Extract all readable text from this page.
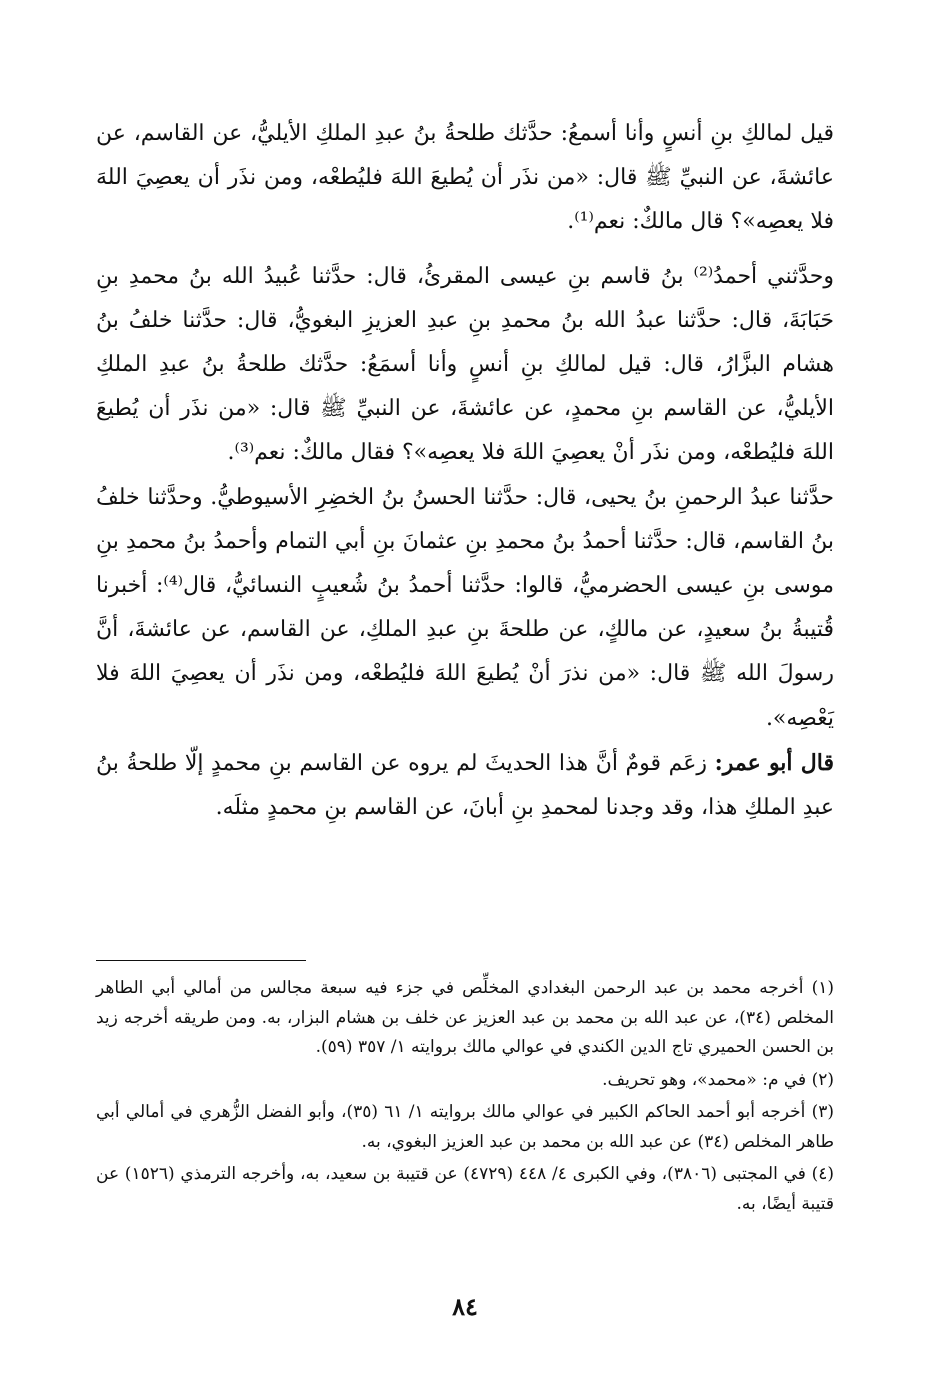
قيل لمالكِ بنِ أنسٍ وأنا أسمعُ: حدَّثك طلحةُ بنُ عبدِ الملكِ الأيليُّ، عن القاسم، عن عائشةَ، عن النبيِّ ﷺ قال: «من نذَر أن يُطيعَ اللهَ فليُطعْه، ومن نذَر أن يعصِيَ اللهَ فلا يعصِه»؟ قال مالكٌ: نعم⁽¹⁾.

وحدَّثني أحمدُ⁽²⁾ بنُ قاسم بنِ عيسى المقرئُ، قال: حدَّثنا عُبيدُ الله بنُ محمدِ بنِ حَبَابَةَ، قال: حدَّثنا عبدُ الله بنُ محمدِ بنِ عبدِ العزيزِ البغويُّ، قال: حدَّثنا خلفُ بنُ هشام البزَّارُ، قال: قيل لمالكِ بنِ أنسٍ وأنا أسمَعُ: حدَّثك طلحةُ بنُ عبدِ الملكِ الأيليُّ، عن القاسم بنِ محمدٍ، عن عائشةَ، عن النبيِّ ﷺ قال: «من نذَر أن يُطيعَ اللهَ فليُطعْه، ومن نذَر أنْ يعصِيَ اللهَ فلا يعصِه»؟ فقال مالكٌ: نعم⁽³⁾.

حدَّثنا عبدُ الرحمنِ بنُ يحيى، قال: حدَّثنا الحسنُ بنُ الخضِرِ الأسيوطيُّ. وحدَّثنا خلفُ بنُ القاسم، قال: حدَّثنا أحمدُ بنُ محمدِ بنِ عثمانَ بنِ أبي التمام وأحمدُ بنُ محمدِ بنِ موسى بنِ عيسى الحضرميُّ، قالوا: حدَّثنا أحمدُ بنُ شُعيبٍ النسائيُّ، قال⁽⁴⁾: أخبرنا قُتيبةُ بنُ سعيدٍ، عن مالكٍ، عن طلحةَ بنِ عبدِ الملكِ، عن القاسم، عن عائشةَ، أنَّ رسولَ الله ﷺ قال: «من نذرَ أنْ يُطيعَ اللهَ فليُطعْه، ومن نذَر أن يعصِيَ اللهَ فلا يَعْصِه».

قال أبو عمر: زعَم قومٌ أنَّ هذا الحديثَ لم يروه عن القاسم بنِ محمدٍ إلّا طلحةُ بنُ عبدِ الملكِ هذا، وقد وجدنا لمحمدِ بنِ أبانَ، عن القاسم بنِ محمدٍ مثلَه.

(١) أخرجه محمد بن عبد الرحمن البغدادي المخلِّص في جزء فيه سبعة مجالس من أمالي أبي الطاهر المخلص (٣٤)، عن عبد الله بن محمد بن عبد العزيز عن خلف بن هشام البزار، به. ومن طريقه أخرجه زيد بن الحسن الحميري تاج الدين الكندي في عوالي مالك بروايته ١/ ٣٥٧ (٥٩).

(٢) في م: «محمد»، وهو تحريف.

(٣) أخرجه أبو أحمد الحاكم الكبير في عوالي مالك بروايته ١/ ٦١ (٣٥)، وأبو الفضل الزُّهري في أمالي أبي طاهر المخلص (٣٤) عن عبد الله بن محمد بن عبد العزيز البغوي، به.

(٤) في المجتبى (٣٨٠٦)، وفي الكبرى ٤/ ٤٤٨ (٤٧٢٩) عن قتيبة بن سعيد، به، وأخرجه الترمذي (١٥٢٦) عن قتيبة أيضًا، به.

٨٤
